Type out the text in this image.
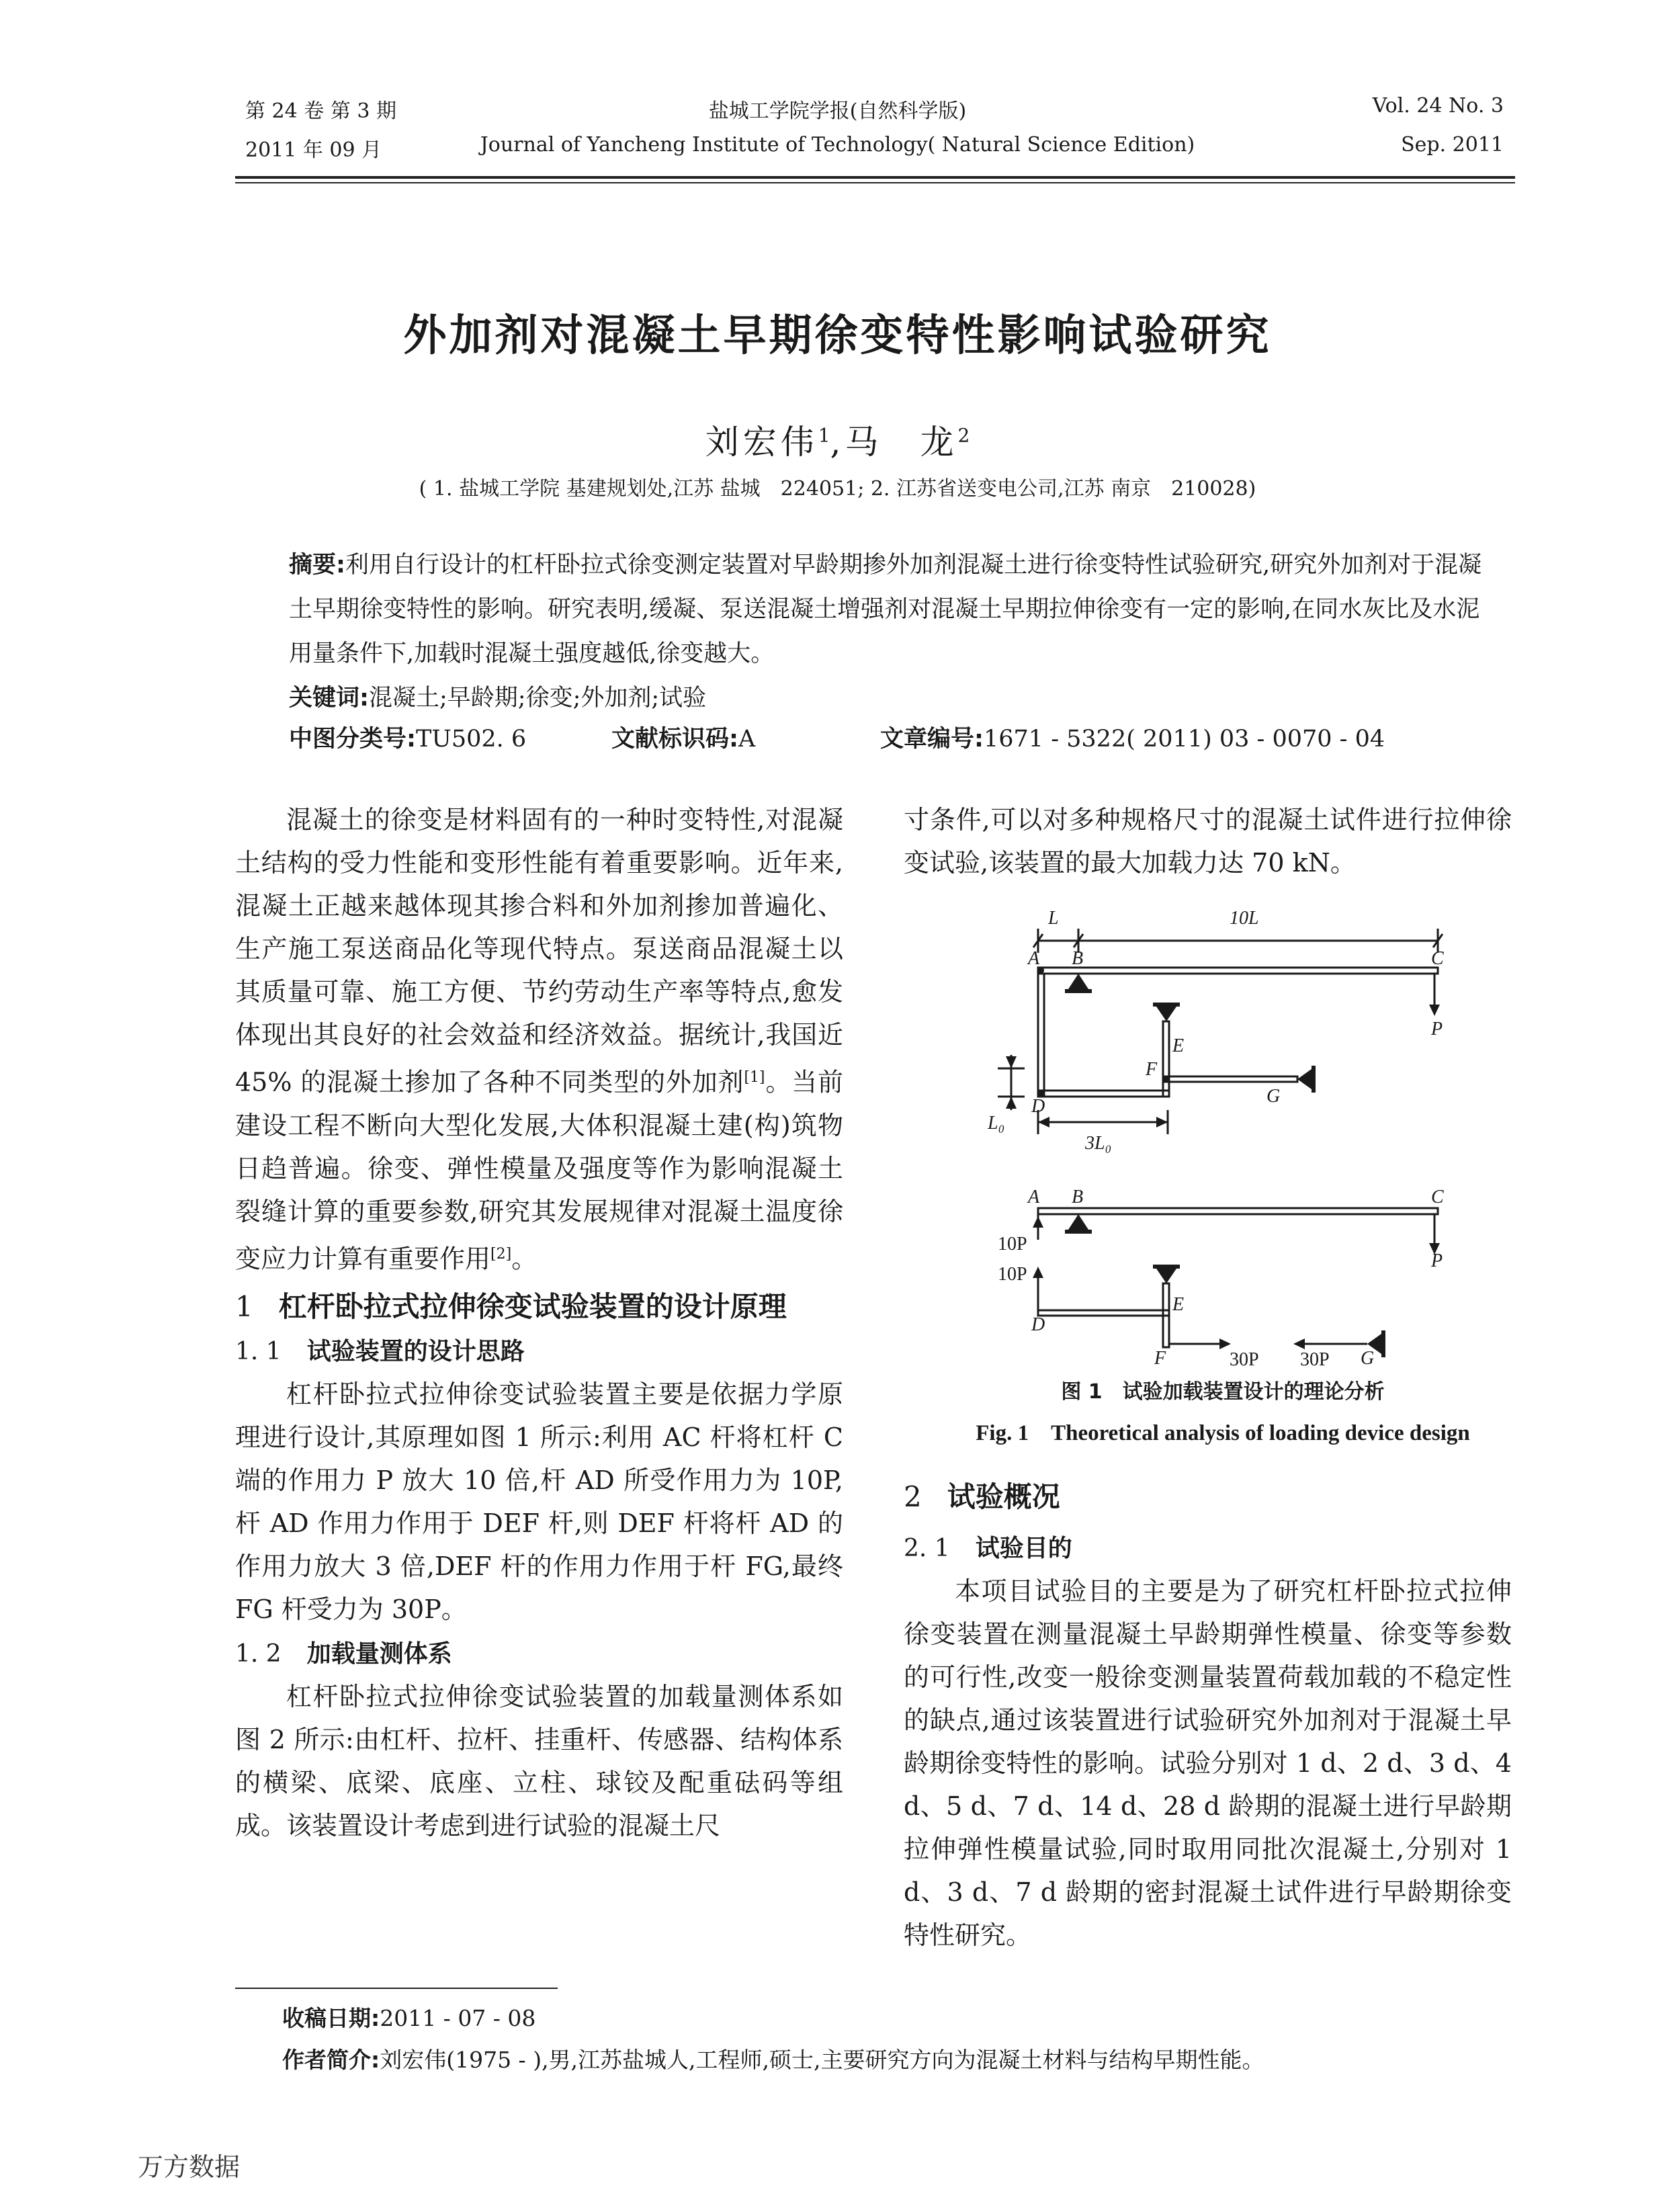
第 24 卷 第 3 期
2011 年 09 月
盐城工学院学报(自然科学版)
Journal of Yancheng Institute of Technology( Natural Science Edition)
Vol. 24 No. 3
Sep. 2011
外加剂对混凝土早期徐变特性影响试验研究
刘宏伟$^1$,马　龙$^2$
( 1. 盐城工学院 基建规划处,江苏 盐城　224051; 2. 江苏省送变电公司,江苏 南京　210028)
摘要:利用自行设计的杠杆卧拉式徐变测定装置对早龄期掺外加剂混凝土进行徐变特性试验研究,研究外加剂对于混凝土早期徐变特性的影响。研究表明,缓凝、泵送混凝土增强剂对混凝土早期拉伸徐变有一定的影响,在同水灰比及水泥用量条件下,加载时混凝土强度越低,徐变越大。
关键词:混凝土;早龄期;徐变;外加剂;试验
中图分类号:TU502. 6	文献标识码:A	文章编号:1671 - 5322( 2011) 03 - 0070 - 04

混凝土的徐变是材料固有的一种时变特性,对混凝土结构的受力性能和变形性能有着重要影响。近年来,混凝土正越来越体现其掺合料和外加剂掺加普遍化、生产施工泵送商品化等现代特点。泵送商品混凝土以其质量可靠、施工方便、节约劳动生产率等特点,愈发体现出其良好的社会效益和经济效益。据统计,我国近 45% 的混凝土掺加了各种不同类型的外加剂[1]。当前建设工程不断向大型化发展,大体积混凝土建(构)筑物日趋普遍。徐变、弹性模量及强度等作为影响混凝土裂缝计算的重要参数,研究其发展规律对混凝土温度徐变应力计算有重要作用[2]。

1 杠杆卧拉式拉伸徐变试验装置的设计原理
1. 1 试验装置的设计思路

杠杆卧拉式拉伸徐变试验装置主要是依据力学原理进行设计,其原理如图 1 所示:利用 AC 杆将杠杆 C 端的作用力 P 放大 10 倍,杆 AD 所受作用力为 10P,杆 AD 作用力作用于 DEF 杆,则 DEF 杆将杆 AD 的作用力放大 3 倍,DEF 杆的作用力作用于杆 FG,最终 FG 杆受力为 30P。

1. 2 加载量测体系

杠杆卧拉式拉伸徐变试验装置的加载量测体系如图 2 所示:由杠杆、拉杆、挂重杆、传感器、结构体系的横梁、底梁、底座、立柱、球铰及配重砝码等组成。该装置设计考虑到进行试验的混凝土尺

寸条件,可以对多种规格尺寸的混凝土试件进行拉伸徐变试验,该装置的最大加载力达 70 kN。

L	10L
A B	C
P
D
E
F
G
L₀
3L₀
A B	C
P
10P
10P
D
E
F	30P 30P G
图 1　试验加载装置设计的理论分析
Fig. 1　Theoretical analysis of loading device design
2 试验概况
2. 1 试验目的

本项目试验目的主要是为了研究杠杆卧拉式拉伸徐变装置在测量混凝土早龄期弹性模量、徐变等参数的可行性,改变一般徐变测量装置荷载加载的不稳定性的缺点,通过该装置进行试验研究外加剂对于混凝土早龄期徐变特性的影响。试验分别对 1 d、2 d、3 d、4 d、5 d、7 d、14 d、28 d 龄期的混凝土进行早龄期拉伸弹性模量试验,同时取用同批次混凝土,分别对 1 d、3 d、7 d 龄期的密封混凝土试件进行早龄期徐变特性研究。

收稿日期:2011 - 07 - 08
作者简介:刘宏伟(1975 - ),男,江苏盐城人,工程师,硕士,主要研究方向为混凝土材料与结构早期性能。
万方数据
